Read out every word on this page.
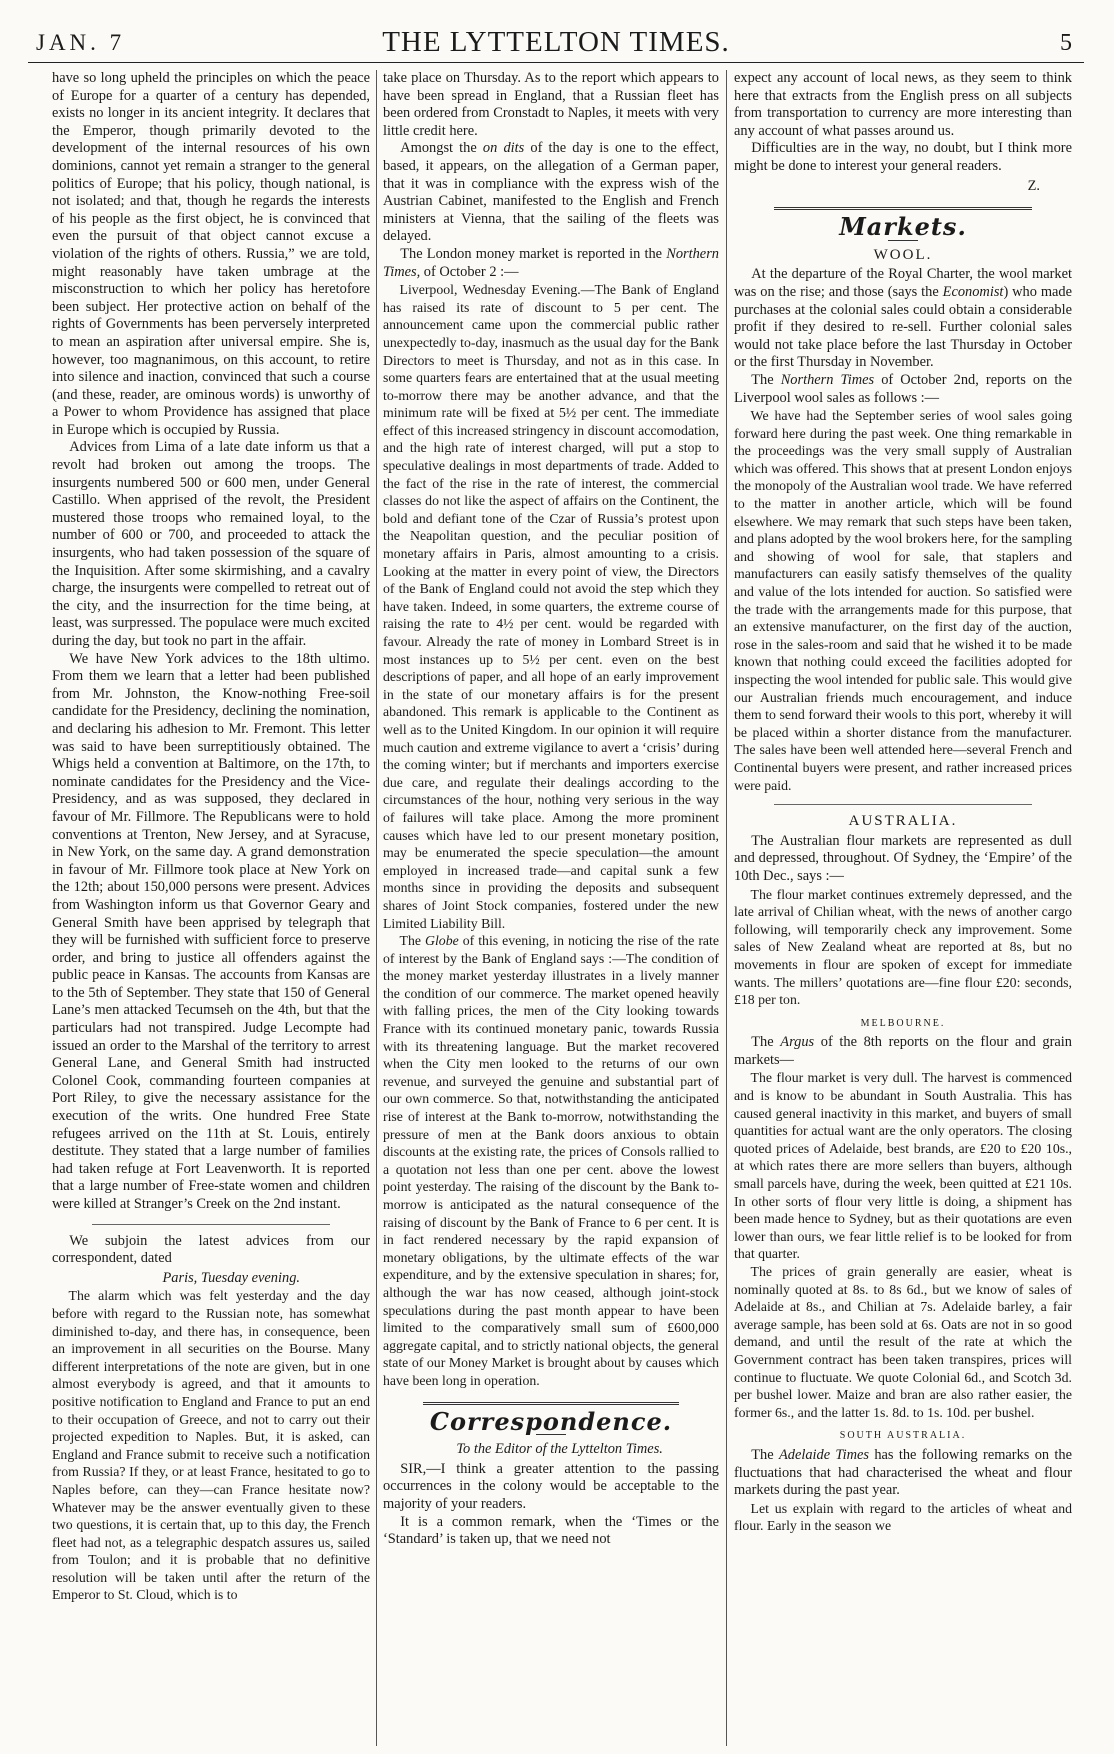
JAN. 7	THE LYTTELTON TIMES.	5

have so long upheld the principles on which the peace of Europe for a quarter of a century has depended, exists no longer in its ancient integrity. It declares that the Emperor, though primarily devoted to the development of the internal resources of his own dominions, cannot yet remain a stranger to the general politics of Europe; that his policy, though national, is not isolated; and that, though he regards the interests of his people as the first object, he is convinced that even the pursuit of that object cannot excuse a violation of the rights of others. Russia,” we are told, might reasonably have taken umbrage at the misconstruction to which her policy has heretofore been subject. Her protective action on behalf of the rights of Governments has been perversely interpreted to mean an aspiration after universal empire. She is, however, too magnanimous, on this account, to retire into silence and inaction, convinced that such a course (and these, reader, are ominous words) is unworthy of a Power to whom Providence has assigned that place in Europe which is occupied by Russia.

Advices from Lima of a late date inform us that a revolt had broken out among the troops. The insurgents numbered 500 or 600 men, under General Castillo. When apprised of the revolt, the President mustered those troops who remained loyal, to the number of 600 or 700, and proceeded to attack the insurgents, who had taken possession of the square of the Inquisition. After some skirmishing, and a cavalry charge, the insurgents were compelled to retreat out of the city, and the insurrection for the time being, at least, was surpressed. The populace were much excited during the day, but took no part in the affair.

We have New York advices to the 18th ultimo. From them we learn that a letter had been published from Mr. Johnston, the Know-nothing Free-soil candidate for the Presidency, declining the nomination, and declaring his adhesion to Mr. Fremont. This letter was said to have been surreptitiously obtained. The Whigs held a convention at Baltimore, on the 17th, to nominate candidates for the Presidency and the Vice-Presidency, and as was supposed, they declared in favour of Mr. Fillmore. The Republicans were to hold conventions at Trenton, New Jersey, and at Syracuse, in New York, on the same day. A grand demonstration in favour of Mr. Fillmore took place at New York on the 12th; about 150,000 persons were present. Advices from Washington inform us that Governor Geary and General Smith have been apprised by telegraph that they will be furnished with sufficient force to preserve order, and bring to justice all offenders against the public peace in Kansas. The accounts from Kansas are to the 5th of September. They state that 150 of General Lane’s men attacked Tecumseh on the 4th, but that the particulars had not transpired. Judge Lecompte had issued an order to the Marshal of the territory to arrest General Lane, and General Smith had instructed Colonel Cook, commanding fourteen companies at Port Riley, to give the necessary assistance for the execution of the writs. One hundred Free State refugees arrived on the 11th at St. Louis, entirely destitute. They stated that a large number of families had taken refuge at Fort Leavenworth. It is reported that a large number of Free-state women and children were killed at Stranger’s Creek on the 2nd instant.

We subjoin the latest advices from our correspondent, dated

Paris, Tuesday evening.

The alarm which was felt yesterday and the day before with regard to the Russian note, has somewhat diminished to-day, and there has, in consequence, been an improvement in all securities on the Bourse. Many different interpretations of the note are given, but in one almost everybody is agreed, and that it amounts to positive notification to England and France to put an end to their occupation of Greece, and not to carry out their projected expedition to Naples. But, it is asked, can England and France submit to receive such a notification from Russia? If they, or at least France, hesitated to go to Naples before, can they—can France hesitate now? Whatever may be the answer eventually given to these two questions, it is certain that, up to this day, the French fleet had not, as a telegraphic despatch assures us, sailed from Toulon; and it is probable that no definitive resolution will be taken until after the return of the Emperor to St. Cloud, which is to

take place on Thursday. As to the report which appears to have been spread in England, that a Russian fleet has been ordered from Cronstadt to Naples, it meets with very little credit here.

Amongst the on dits of the day is one to the effect, based, it appears, on the allegation of a German paper, that it was in compliance with the express wish of the Austrian Cabinet, manifested to the English and French ministers at Vienna, that the sailing of the fleets was delayed.

The London money market is reported in the Northern Times, of October 2 :—

Liverpool, Wednesday Evening.—The Bank of England has raised its rate of discount to 5 per cent. The announcement came upon the commercial public rather unexpectedly to-day, inasmuch as the usual day for the Bank Directors to meet is Thursday, and not as in this case. In some quarters fears are entertained that at the usual meeting to-morrow there may be another advance, and that the minimum rate will be fixed at 5½ per cent. The immediate effect of this increased stringency in discount accomodation, and the high rate of interest charged, will put a stop to speculative dealings in most departments of trade. Added to the fact of the rise in the rate of interest, the commercial classes do not like the aspect of affairs on the Continent, the bold and defiant tone of the Czar of Russia’s protest upon the Neapolitan question, and the peculiar position of monetary affairs in Paris, almost amounting to a crisis. Looking at the matter in every point of view, the Directors of the Bank of England could not avoid the step which they have taken. Indeed, in some quarters, the extreme course of raising the rate to 4½ per cent. would be regarded with favour. Already the rate of money in Lombard Street is in most instances up to 5½ per cent. even on the best descriptions of paper, and all hope of an early improvement in the state of our monetary affairs is for the present abandoned. This remark is applicable to the Continent as well as to the United Kingdom. In our opinion it will require much caution and extreme vigilance to avert a ‘crisis’ during the coming winter; but if merchants and importers exercise due care, and regulate their dealings according to the circumstances of the hour, nothing very serious in the way of failures will take place. Among the more prominent causes which have led to our present monetary position, may be enumerated the specie speculation—the amount employed in increased trade—and capital sunk a few months since in providing the deposits and subsequent shares of Joint Stock companies, fostered under the new Limited Liability Bill.

The Globe of this evening, in noticing the rise of the rate of interest by the Bank of England says :—The condition of the money market yesterday illustrates in a lively manner the condition of our commerce. The market opened heavily with falling prices, the men of the City looking towards France with its continued monetary panic, towards Russia with its threatening language. But the market recovered when the City men looked to the returns of our own revenue, and surveyed the genuine and substantial part of our own commerce. So that, notwithstanding the anticipated rise of interest at the Bank to-morrow, notwithstanding the pressure of men at the Bank doors anxious to obtain discounts at the existing rate, the prices of Consols rallied to a quotation not less than one per cent. above the lowest point yesterday. The raising of the discount by the Bank to-morrow is anticipated as the natural consequence of the raising of discount by the Bank of France to 6 per cent. It is in fact rendered necessary by the rapid expansion of monetary obligations, by the ultimate effects of the war expenditure, and by the extensive speculation in shares; for, although the war has now ceased, although joint-stock speculations during the past month appear to have been limited to the comparatively small sum of £600,000 aggregate capital, and to strictly national objects, the general state of our Money Market is brought about by causes which have been long in operation.

Correspondence.

To the Editor of the Lyttelton Times.

SIR,—I think a greater attention to the passing occurrences in the colony would be acceptable to the majority of your readers.

It is a common remark, when the ‘Times or the ‘Standard’ is taken up, that we need not

expect any account of local news, as they seem to think here that extracts from the English press on all subjects from transportation to currency are more interesting than any account of what passes around us.

Difficulties are in the way, no doubt, but I think more might be done to interest your general readers.

Z.

Markets.
WOOL.

At the departure of the Royal Charter, the wool market was on the rise; and those (says the Economist) who made purchases at the colonial sales could obtain a considerable profit if they desired to re-sell. Further colonial sales would not take place before the last Thursday in October or the first Thursday in November.

The Northern Times of October 2nd, reports on the Liverpool wool sales as follows :—

We have had the September series of wool sales going forward here during the past week. One thing remarkable in the proceedings was the very small supply of Australian which was offered. This shows that at present London enjoys the monopoly of the Australian wool trade. We have referred to the matter in another article, which will be found elsewhere. We may remark that such steps have been taken, and plans adopted by the wool brokers here, for the sampling and showing of wool for sale, that staplers and manufacturers can easily satisfy themselves of the quality and value of the lots intended for auction. So satisfied were the trade with the arrangements made for this purpose, that an extensive manufacturer, on the first day of the auction, rose in the sales-room and said that he wished it to be made known that nothing could exceed the facilities adopted for inspecting the wool intended for public sale. This would give our Australian friends much encouragement, and induce them to send forward their wools to this port, whereby it will be placed within a shorter distance from the manufacturer. The sales have been well attended here—several French and Continental buyers were present, and rather increased prices were paid.

AUSTRALIA.

The Australian flour markets are represented as dull and depressed, throughout. Of Sydney, the ‘Empire’ of the 10th Dec., says :—

The flour market continues extremely depressed, and the late arrival of Chilian wheat, with the news of another cargo following, will temporarily check any improvement. Some sales of New Zealand wheat are reported at 8s, but no movements in flour are spoken of except for immediate wants. The millers’ quotations are—fine flour £20: seconds, £18 per ton.

MELBOURNE.

The Argus of the 8th reports on the flour and grain markets—

The flour market is very dull. The harvest is commenced and is know to be abundant in South Australia. This has caused general inactivity in this market, and buyers of small quantities for actual want are the only operators. The closing quoted prices of Adelaide, best brands, are £20 to £20 10s., at which rates there are more sellers than buyers, although small parcels have, during the week, been quitted at £21 10s. In other sorts of flour very little is doing, a shipment has been made hence to Sydney, but as their quotations are even lower than ours, we fear little relief is to be looked for from that quarter.

The prices of grain generally are easier, wheat is nominally quoted at 8s. to 8s 6d., but we know of sales of Adelaide at 8s., and Chilian at 7s. Adelaide barley, a fair average sample, has been sold at 6s. Oats are not in so good demand, and until the result of the rate at which the Government contract has been taken transpires, prices will continue to fluctuate. We quote Colonial 6d., and Scotch 3d. per bushel lower. Maize and bran are also rather easier, the former 6s., and the latter 1s. 8d. to 1s. 10d. per bushel.

SOUTH AUSTRALIA.

The Adelaide Times has the following remarks on the fluctuations that had characterised the wheat and flour markets during the past year.

Let us explain with regard to the articles of wheat and flour. Early in the season we
